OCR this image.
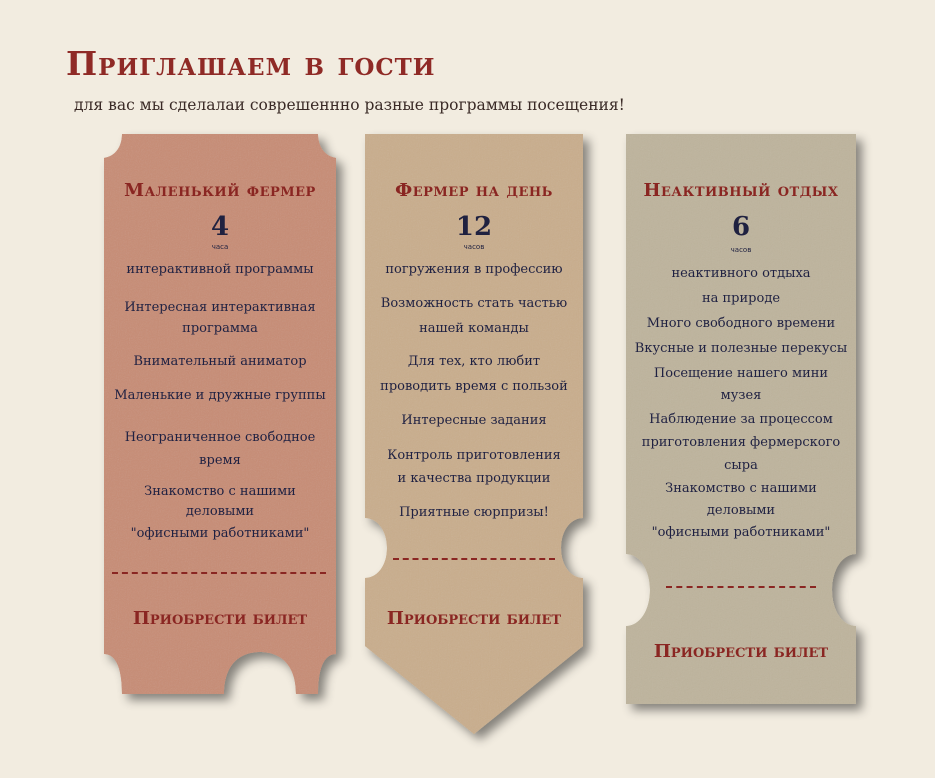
Приглашаем в гости
для вас мы сделалаи соврешеннно разные программы посещения!
Маленький фермер
4
часа
интерактивной программы
Интересная интерактивная
программа
Внимательный аниматор
Маленькие и дружные группы
Неограниченное свободное
время
Знакомство с нашими
деловыми
"офисными работниками"
Приобрести билет
Фермер на день
12
часов
погружения в профессию
Возможность стать частью
нашей команды
Для тех, кто любит
проводить время с пользой
Интересные задания
Контроль приготовления
и качества продукции
Приятные сюрпризы!
Приобрести билет
Неактивный отдых
6
часов
неактивного отдыха
на природе
Много свободного времени
Вкусные и полезные перекусы
Посещение нашего мини
музея
Наблюдение за процессом
приготовления фермерского
сыра
Знакомство с нашими
деловыми
"офисными работниками"
Приобрести билет
